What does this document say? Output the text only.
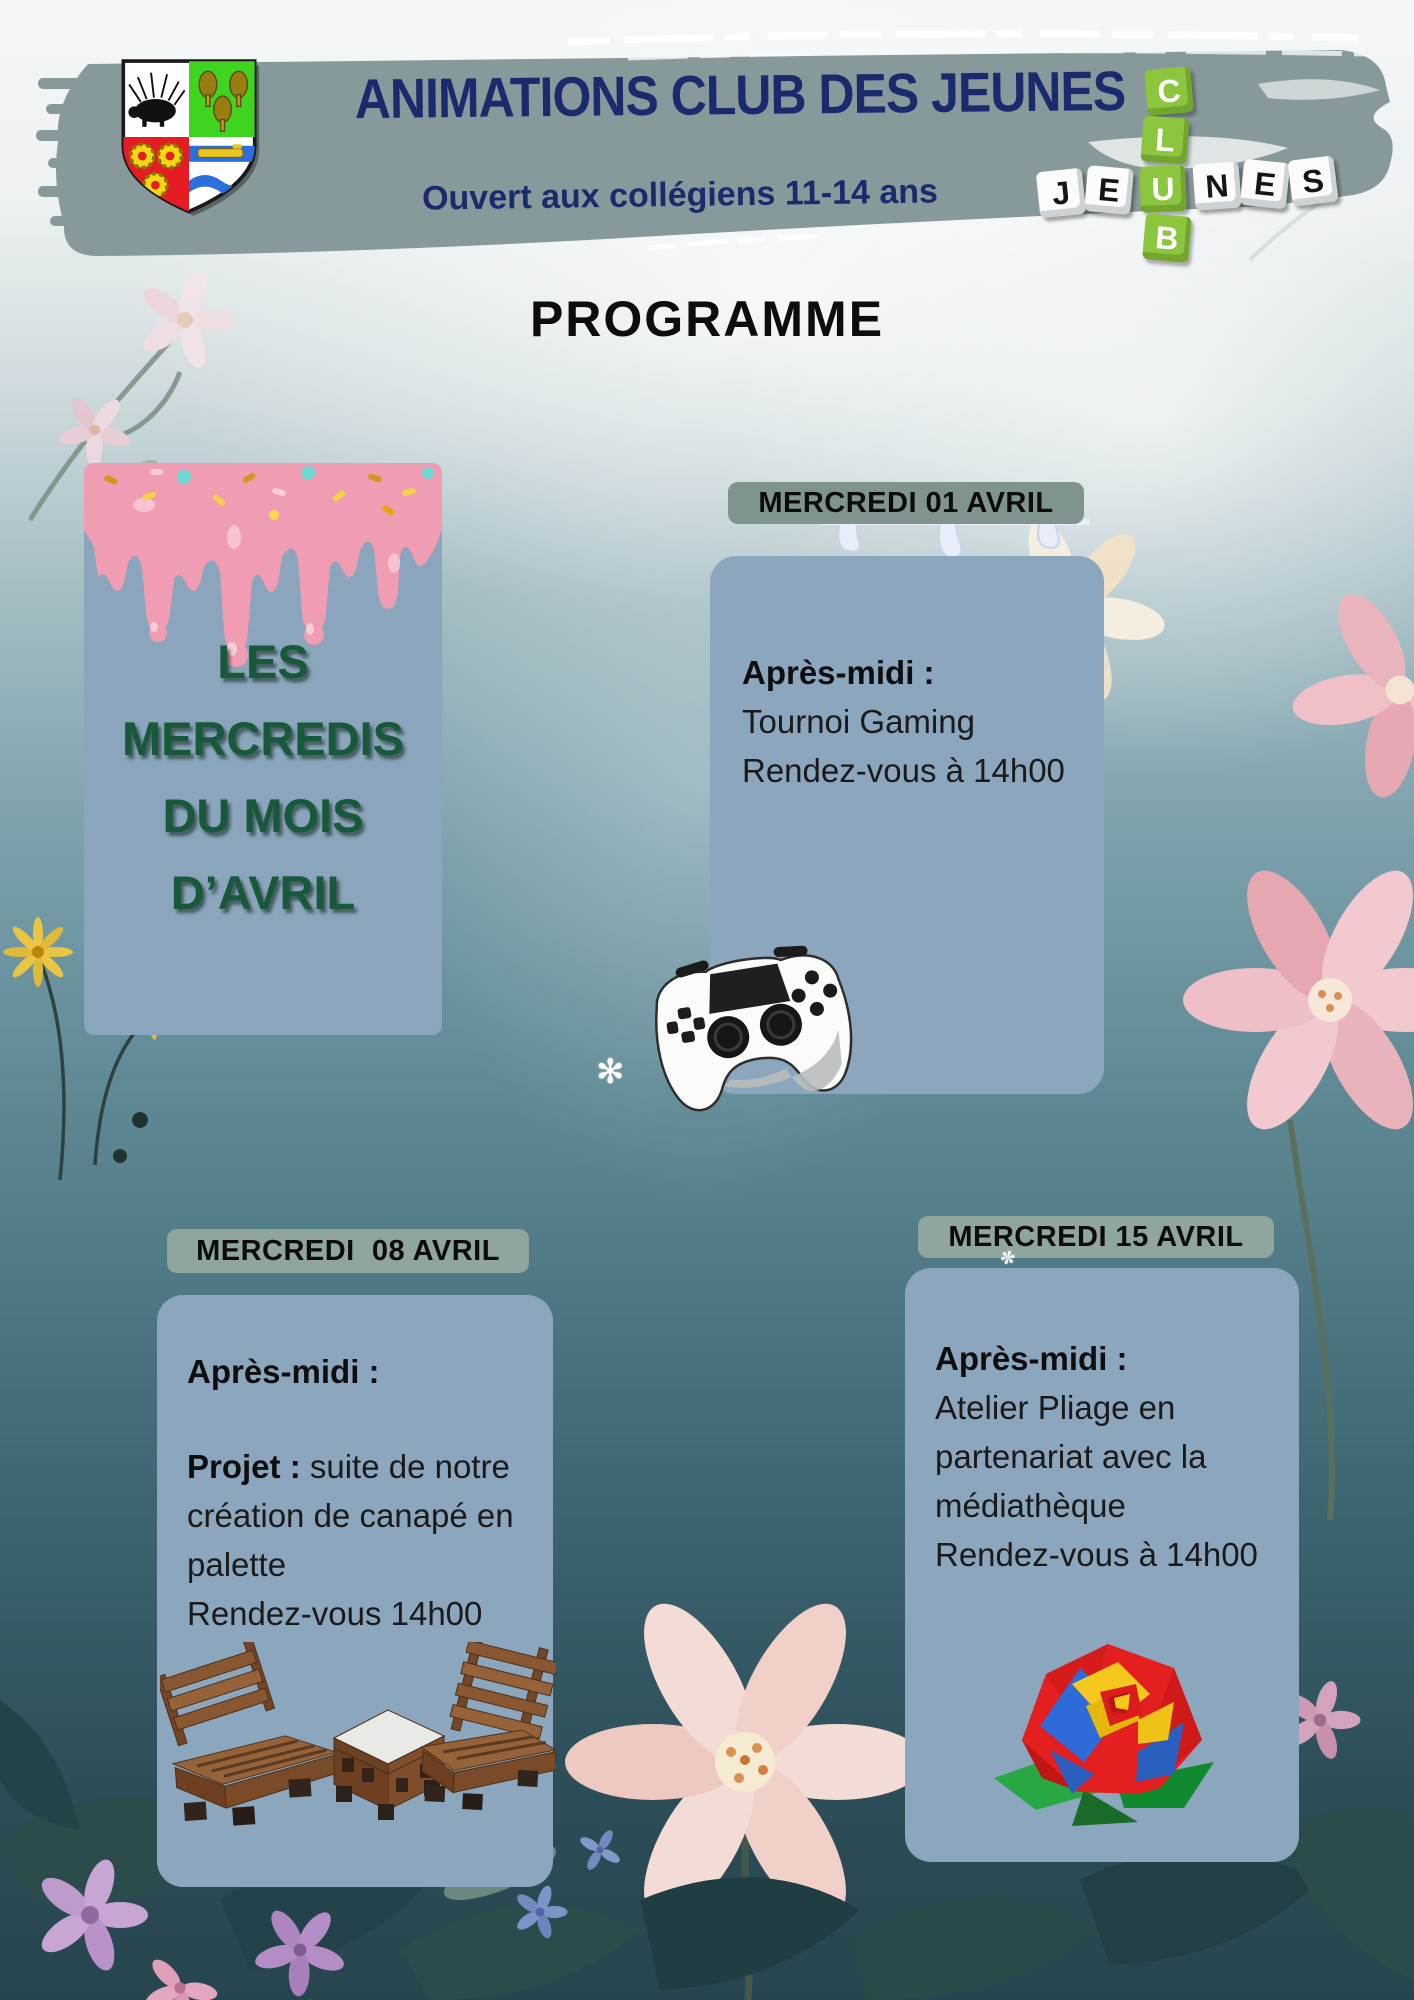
ANIMATIONS CLUB DES JEUNES
Ouvert aux collégiens 11-14 ans
C
L
U
B
J E	N E S
PROGRAMME
LES
MERCREDIS
DU MOIS
D’AVRIL
MERCREDI 01 AVRIL
Après-midi :
Tournoi Gaming
Rendez-vous à 14h00
✻
✼
MERCREDI  08 AVRIL
Après-midi :
Projet : suite de notre
création de canapé en
palette
Rendez-vous 14h00
MERCREDI 15 AVRIL
Après-midi :
Atelier Pliage en
partenariat avec la
médiathèque
Rendez-vous à 14h00
